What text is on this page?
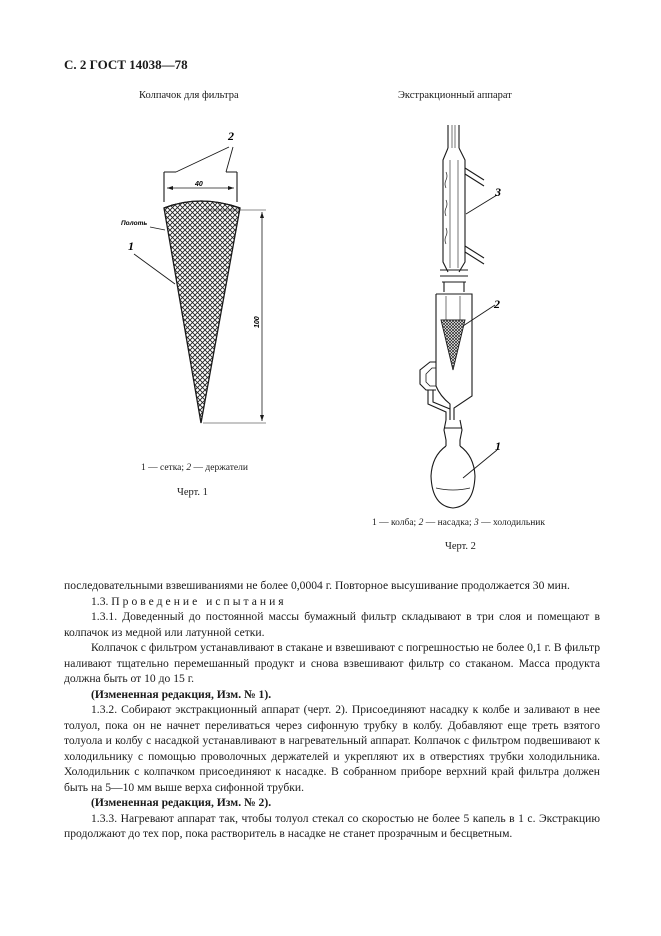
С. 2 ГОСТ 14038—78
Колпачок для фильтра	Экстракционный аппарат
2
1
40
Полоть
100
3
2
1
1 — сетка; 2 — держатели
Черт. 1
1 — колба; 2 — насадка; 3 — холодильник
Черт. 2

последовательными взвешиваниями не более 0,0004 г. Повторное высушивание продолжается 30 мин.

1.3. Проведение испытания

1.3.1. Доведенный до постоянной массы бумажный фильтр складывают в три слоя и помещают в колпачок из медной или латунной сетки.

Колпачок с фильтром устанавливают в стакане и взвешивают с погрешностью не более 0,1 г. В фильтр наливают тщательно перемешанный продукт и снова взвешивают фильтр со стаканом. Масса продукта должна быть от 10 до 15 г.

(Измененная редакция, Изм. № 1).

1.3.2. Собирают экстракционный аппарат (черт. 2). Присоединяют насадку к колбе и заливают в нее толуол, пока он не начнет переливаться через сифонную трубку в колбу. Добавляют еще треть взятого толуола и колбу с насадкой устанавливают в нагревательный аппарат. Колпачок с фильтром подвешивают к холодильнику с помощью проволочных держателей и укрепляют их в отверстиях трубки холодильника. Холодильник с колпачком присоединяют к насадке. В собранном приборе верхний край фильтра должен быть на 5—10 мм выше верха сифонной трубки.

(Измененная редакция, Изм. № 2).

1.3.3. Нагревают аппарат так, чтобы толуол стекал со скоростью не более 5 капель в 1 с. Экстракцию продолжают до тех пор, пока растворитель в насадке не станет прозрачным и бесцветным.
